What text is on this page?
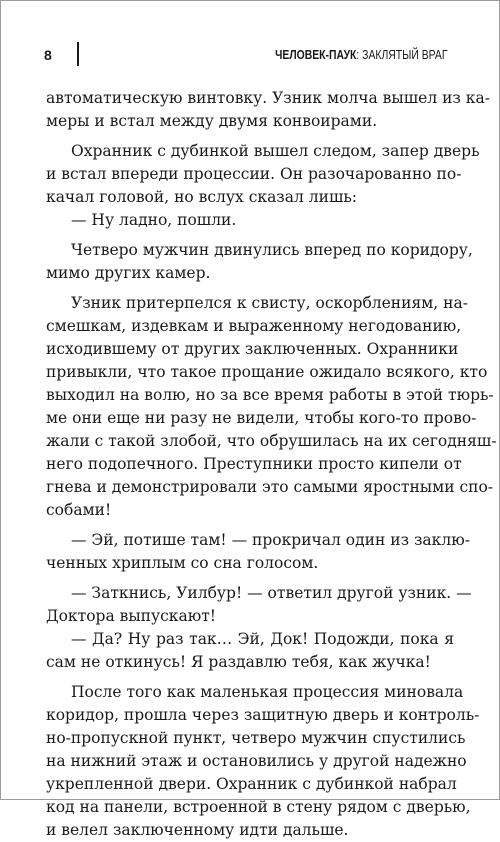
8	ЧЕЛОВЕК-ПАУК: ЗАКЛЯТЫЙ ВРАГ
автоматическую винтовку. Узник молча вышел из ка-
меры и встал между двумя конвоирами.
Охранник с дубинкой вышел следом, запер дверь
и встал впереди процессии. Он разочарованно по-
качал головой, но вслух сказал лишь:
— Ну ладно, пошли.
Четверо мужчин двинулись вперед по коридору,
мимо других камер.
Узник притерпелся к свисту, оскорблениям, на-
смешкам, издевкам и выраженному негодованию,
исходившему от других заключенных. Охранники
привыкли, что такое прощание ожидало всякого, кто
выходил на волю, но за все время работы в этой тюрь-
ме они еще ни разу не видели, чтобы кого-то прово-
жали с такой злобой, что обрушилась на их сегодняш-
него подопечного. Преступники просто кипели от
гнева и демонстрировали это самыми яростными спо-
собами!
— Эй, потише там! — прокричал один из заклю-
ченных хриплым со сна голосом.
— Заткнись, Уилбур! — ответил другой узник. —
Доктора выпускают!
— Да? Ну раз так… Эй, Док! Подожди, пока я
сам не откинусь! Я раздавлю тебя, как жучка!
После того как маленькая процессия миновала
коридор, прошла через защитную дверь и контроль-
но-пропускной пункт, четверо мужчин спустились
на нижний этаж и остановились у другой надежно
укрепленной двери. Охранник с дубинкой набрал
код на панели, встроенной в стену рядом с дверью,
и велел заключенному идти дальше.
